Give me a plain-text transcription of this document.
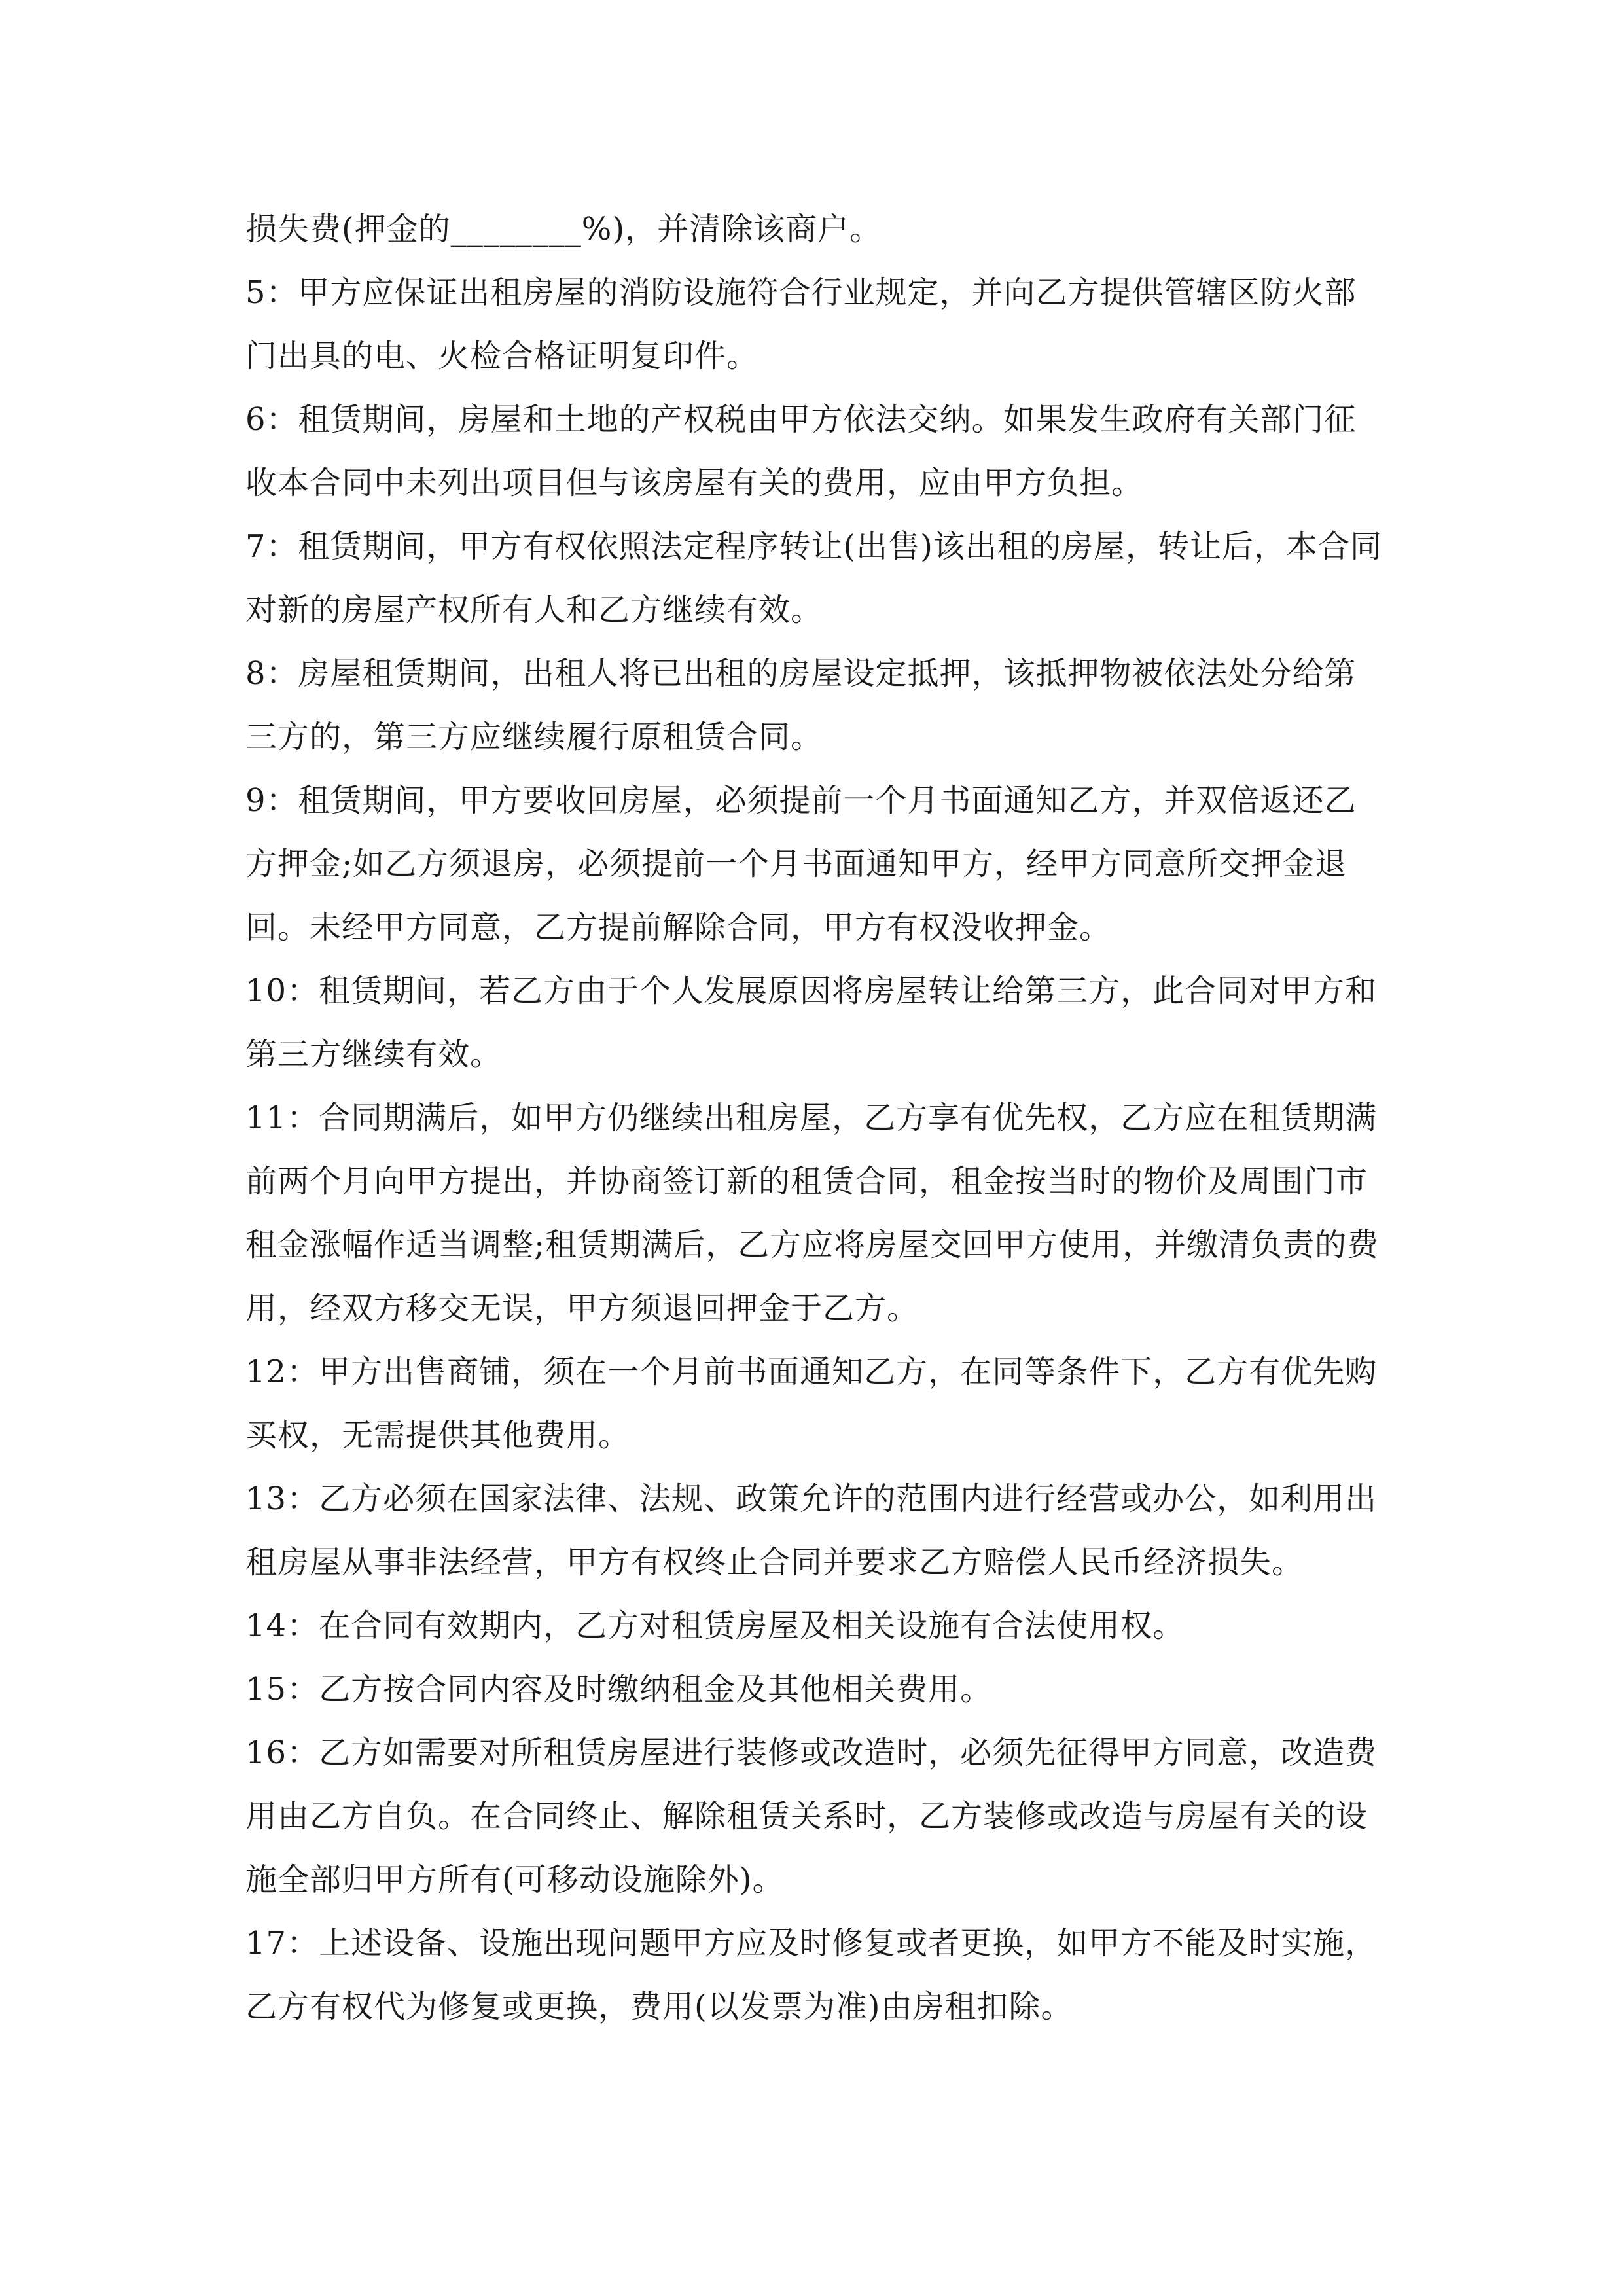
损失费(押金的________%)，并清除该商户。

5：甲方应保证出租房屋的消防设施符合行业规定，并向乙方提供管辖区防火部门出具的电、火检合格证明复印件。

6：租赁期间，房屋和土地的产权税由甲方依法交纳。如果发生政府有关部门征收本合同中未列出项目但与该房屋有关的费用，应由甲方负担。

7：租赁期间，甲方有权依照法定程序转让(出售)该出租的房屋，转让后，本合同对新的房屋产权所有人和乙方继续有效。

8：房屋租赁期间，出租人将已出租的房屋设定抵押，该抵押物被依法处分给第三方的，第三方应继续履行原租赁合同。

9：租赁期间，甲方要收回房屋，必须提前一个月书面通知乙方，并双倍返还乙方押金;如乙方须退房，必须提前一个月书面通知甲方，经甲方同意所交押金退回。未经甲方同意，乙方提前解除合同，甲方有权没收押金。

10：租赁期间，若乙方由于个人发展原因将房屋转让给第三方，此合同对甲方和第三方继续有效。

11：合同期满后，如甲方仍继续出租房屋，乙方享有优先权，乙方应在租赁期满前两个月向甲方提出，并协商签订新的租赁合同，租金按当时的物价及周围门市租金涨幅作适当调整;租赁期满后，乙方应将房屋交回甲方使用，并缴清负责的费用，经双方移交无误，甲方须退回押金于乙方。

12：甲方出售商铺，须在一个月前书面通知乙方，在同等条件下，乙方有优先购买权，无需提供其他费用。

13：乙方必须在国家法律、法规、政策允许的范围内进行经营或办公，如利用出租房屋从事非法经营，甲方有权终止合同并要求乙方赔偿人民币经济损失。

14：在合同有效期内，乙方对租赁房屋及相关设施有合法使用权。

15：乙方按合同内容及时缴纳租金及其他相关费用。

16：乙方如需要对所租赁房屋进行装修或改造时，必须先征得甲方同意，改造费用由乙方自负。在合同终止、解除租赁关系时，乙方装修或改造与房屋有关的设施全部归甲方所有(可移动设施除外)。

17：上述设备、设施出现问题甲方应及时修复或者更换，如甲方不能及时实施，乙方有权代为修复或更换，费用(以发票为准)由房租扣除。
